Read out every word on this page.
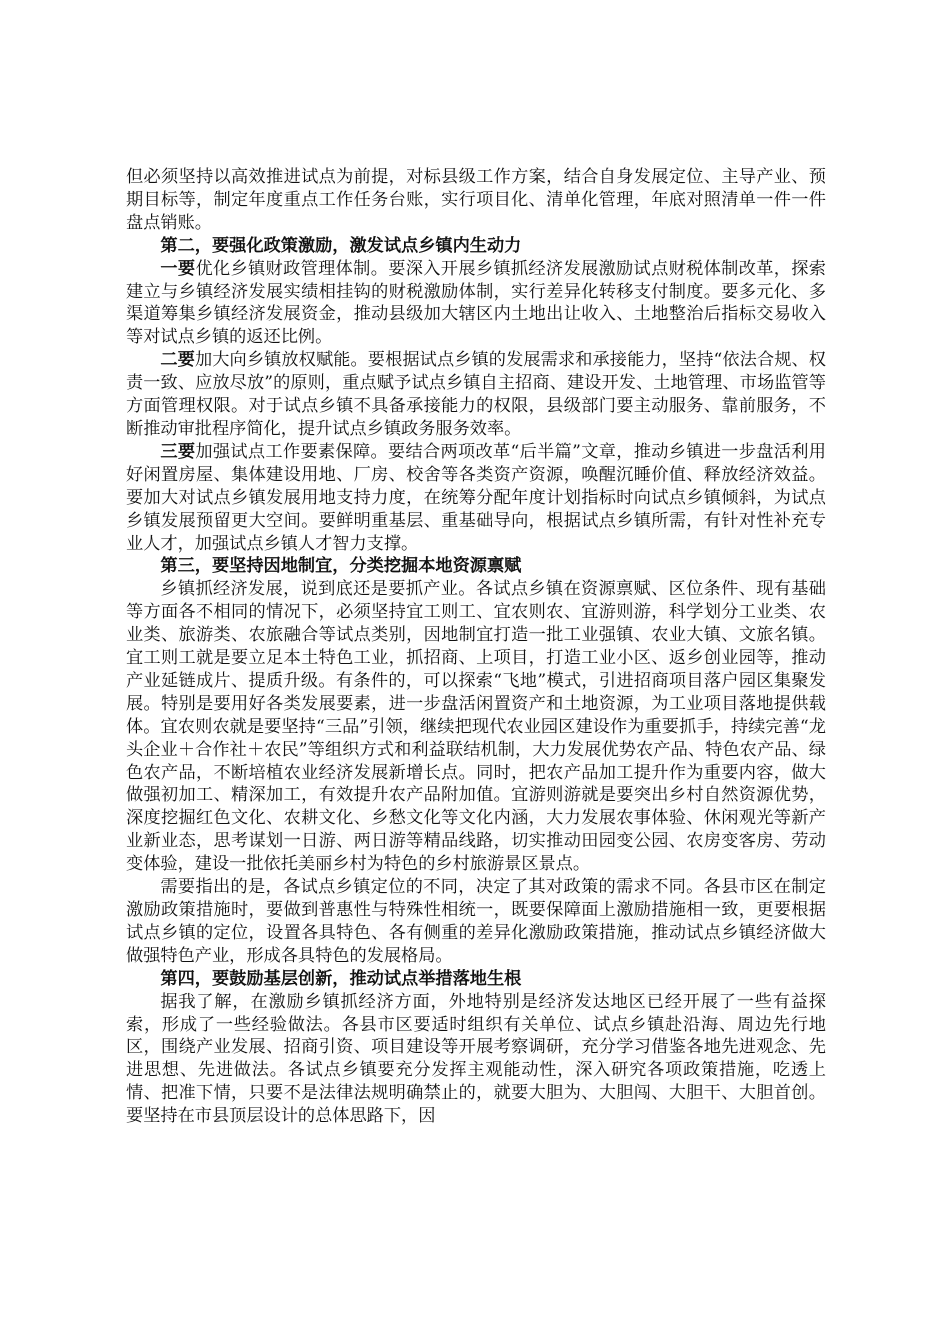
但必须坚持以高效推进试点为前提，对标县级工作方案，结合自身发展定位、主导产业、预期目标等，制定年度重点工作任务台账，实行项目化、清单化管理，年底对照清单一件一件盘点销账。

第二，要强化政策激励，激发试点乡镇内生动力

一要优化乡镇财政管理体制。要深入开展乡镇抓经济发展激励试点财税体制改革，探索建立与乡镇经济发展实绩相挂钩的财税激励体制，实行差异化转移支付制度。要多元化、多渠道筹集乡镇经济发展资金，推动县级加大辖区内土地出让收入、土地整治后指标交易收入等对试点乡镇的返还比例。

二要加大向乡镇放权赋能。要根据试点乡镇的发展需求和承接能力，坚持“依法合规、权责一致、应放尽放”的原则，重点赋予试点乡镇自主招商、建设开发、土地管理、市场监管等方面管理权限。对于试点乡镇不具备承接能力的权限，县级部门要主动服务、靠前服务，不断推动审批程序简化，提升试点乡镇政务服务效率。

三要加强试点工作要素保障。要结合两项改革“后半篇”文章，推动乡镇进一步盘活利用好闲置房屋、集体建设用地、厂房、校舍等各类资产资源，唤醒沉睡价值、释放经济效益。要加大对试点乡镇发展用地支持力度，在统筹分配年度计划指标时向试点乡镇倾斜，为试点乡镇发展预留更大空间。要鲜明重基层、重基础导向，根据试点乡镇所需，有针对性补充专业人才，加强试点乡镇人才智力支撑。

第三，要坚持因地制宜，分类挖掘本地资源禀赋

乡镇抓经济发展，说到底还是要抓产业。各试点乡镇在资源禀赋、区位条件、现有基础等方面各不相同的情况下，必须坚持宜工则工、宜农则农、宜游则游，科学划分工业类、农业类、旅游类、农旅融合等试点类别，因地制宜打造一批工业强镇、农业大镇、文旅名镇。宜工则工就是要立足本土特色工业，抓招商、上项目，打造工业小区、返乡创业园等，推动产业延链成片、提质升级。有条件的，可以探索“飞地”模式，引进招商项目落户园区集聚发展。特别是要用好各类发展要素，进一步盘活闲置资产和土地资源，为工业项目落地提供载体。宜农则农就是要坚持“三品”引领，继续把现代农业园区建设作为重要抓手，持续完善“龙头企业＋合作社＋农民”等组织方式和利益联结机制，大力发展优势农产品、特色农产品、绿色农产品，不断培植农业经济发展新增长点。同时，把农产品加工提升作为重要内容，做大做强初加工、精深加工，有效提升农产品附加值。宜游则游就是要突出乡村自然资源优势，深度挖掘红色文化、农耕文化、乡愁文化等文化内涵，大力发展农事体验、休闲观光等新产业新业态，思考谋划一日游、两日游等精品线路，切实推动田园变公园、农房变客房、劳动变体验，建设一批依托美丽乡村为特色的乡村旅游景区景点。

需要指出的是，各试点乡镇定位的不同，决定了其对政策的需求不同。各县市区在制定激励政策措施时，要做到普惠性与特殊性相统一，既要保障面上激励措施相一致，更要根据试点乡镇的定位，设置各具特色、各有侧重的差异化激励政策措施，推动试点乡镇经济做大做强特色产业，形成各具特色的发展格局。

第四，要鼓励基层创新，推动试点举措落地生根

据我了解，在激励乡镇抓经济方面，外地特别是经济发达地区已经开展了一些有益探索，形成了一些经验做法。各县市区要适时组织有关单位、试点乡镇赴沿海、周边先行地区，围绕产业发展、招商引资、项目建设等开展考察调研，充分学习借鉴各地先进观念、先进思想、先进做法。各试点乡镇要充分发挥主观能动性，深入研究各项政策措施，吃透上情、把准下情，只要不是法律法规明确禁止的，就要大胆为、大胆闯、大胆干、大胆首创。要坚持在市县顶层设计的总体思路下，因
